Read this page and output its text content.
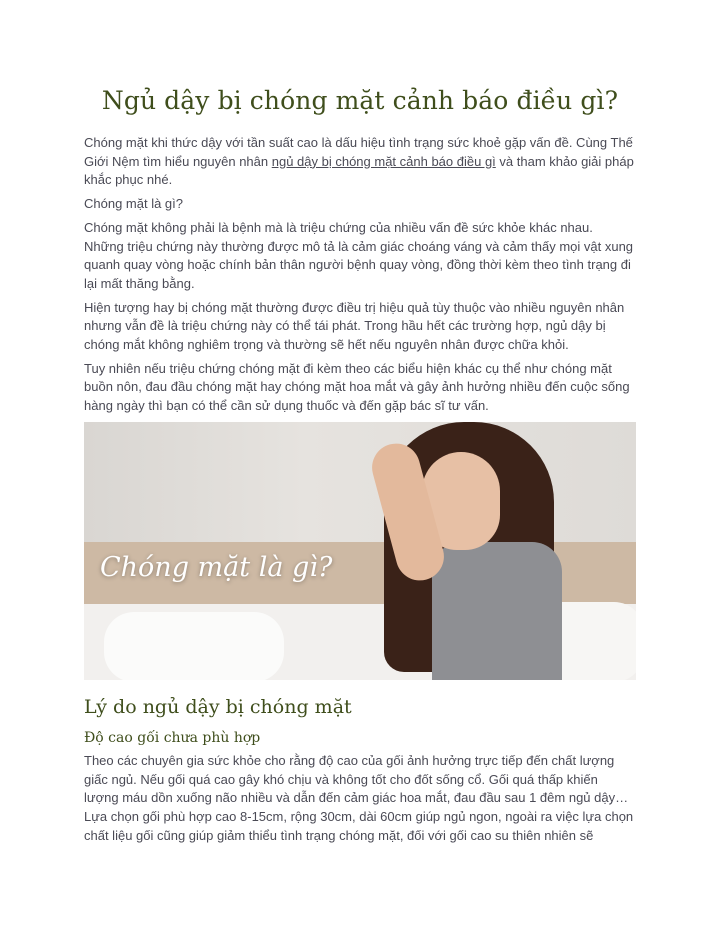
Ngủ dậy bị chóng mặt cảnh báo điều gì?

Chóng mặt khi thức dậy với tần suất cao là dấu hiệu tình trạng sức khoẻ gặp vấn đề. Cùng Thế Giới Nệm tìm hiểu nguyên nhân ngủ dậy bị chóng mặt cảnh báo điều gì và tham khảo giải pháp khắc phục nhé.

Chóng mặt là gì?

Chóng mặt không phải là bệnh mà là triệu chứng của nhiều vấn đề sức khỏe khác nhau. Những triệu chứng này thường được mô tả là cảm giác choáng váng và cảm thấy mọi vật xung quanh quay vòng hoặc chính bản thân người bệnh quay vòng, đồng thời kèm theo tình trạng đi lại mất thăng bằng.

Hiện tượng hay bị chóng mặt thường được điều trị hiệu quả tùy thuộc vào nhiều nguyên nhân nhưng vẫn đề là triệu chứng này có thể tái phát. Trong hầu hết các trường hợp, ngủ dậy bị chóng mắt không nghiêm trọng và thường sẽ hết nếu nguyên nhân được chữa khỏi.

Tuy nhiên nếu triệu chứng chóng mặt đi kèm theo các biểu hiện khác cụ thể như chóng mặt buồn nôn, đau đầu chóng mặt hay chóng mặt hoa mắt và gây ảnh hưởng nhiều đến cuộc sống hàng ngày thì bạn có thể cần sử dụng thuốc và đến gặp bác sĩ tư vấn.

Chóng mặt là gì?
Lý do ngủ dậy bị chóng mặt
Độ cao gối chưa phù hợp

Theo các chuyên gia sức khỏe cho rằng độ cao của gối ảnh hưởng trực tiếp đến chất lượng giấc ngủ. Nếu gối quá cao gây khó chịu và không tốt cho đốt sống cổ. Gối quá thấp khiến lượng máu dồn xuống não nhiều và dẫn đến cảm giác hoa mắt, đau đầu sau 1 đêm ngủ dậy… Lựa chọn gối phù hợp cao 8-15cm, rộng 30cm, dài 60cm giúp ngủ ngon, ngoài ra việc lựa chọn chất liệu gối cũng giúp giảm thiểu tình trạng chóng mặt, đối với gối cao su thiên nhiên sẽ
